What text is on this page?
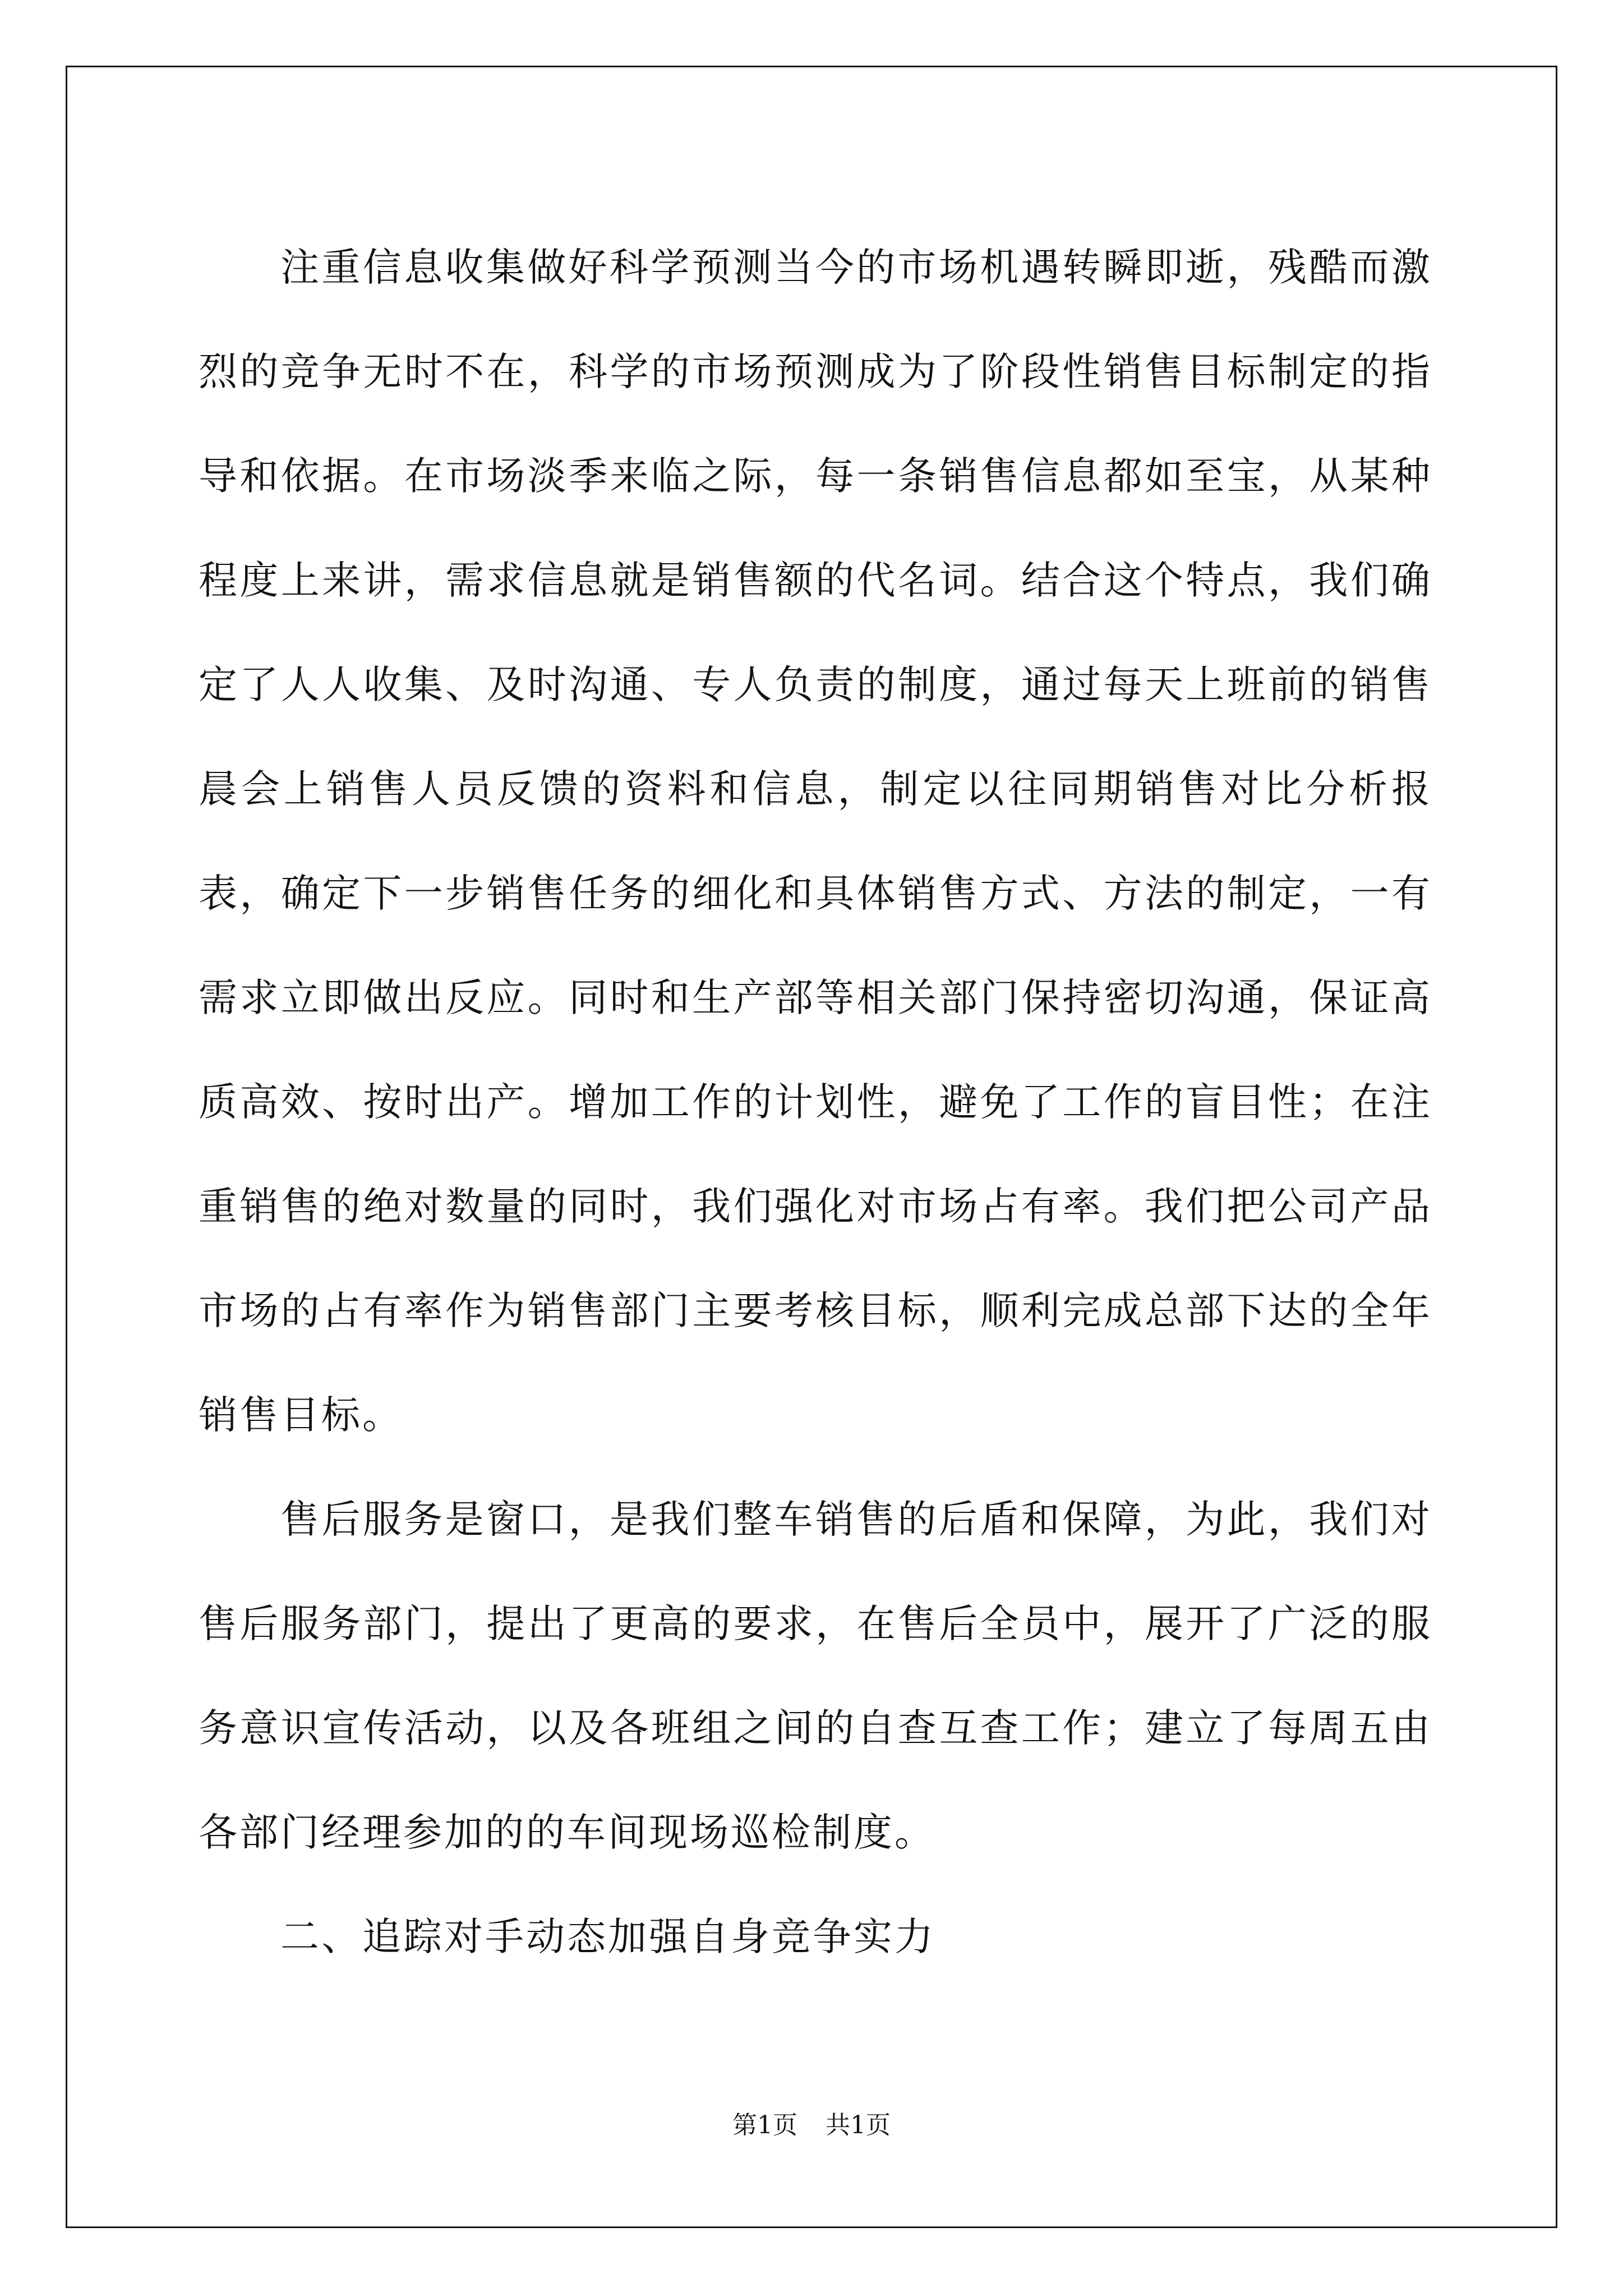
注重信息收集做好科学预测当今的市场机遇转瞬即逝，残酷而激烈的竞争无时不在，科学的市场预测成为了阶段性销售目标制定的指导和依据。在市场淡季来临之际，每一条销售信息都如至宝，从某种程度上来讲，需求信息就是销售额的代名词。结合这个特点，我们确定了人人收集、及时沟通、专人负责的制度，通过每天上班前的销售晨会上销售人员反馈的资料和信息，制定以往同期销售对比分析报表，确定下一步销售任务的细化和具体销售方式、方法的制定，一有需求立即做出反应。同时和生产部等相关部门保持密切沟通，保证高质高效、按时出产。增加工作的计划性，避免了工作的盲目性；在注重销售的绝对数量的同时，我们强化对市场占有率。我们把公司产品市场的占有率作为销售部门主要考核目标，顺利完成总部下达的全年销售目标。

售后服务是窗口，是我们整车销售的后盾和保障，为此，我们对售后服务部门，提出了更高的要求，在售后全员中，展开了广泛的服务意识宣传活动，以及各班组之间的自查互查工作；建立了每周五由各部门经理参加的的车间现场巡检制度。

二、追踪对手动态加强自身竞争实力

第1页 共1页
